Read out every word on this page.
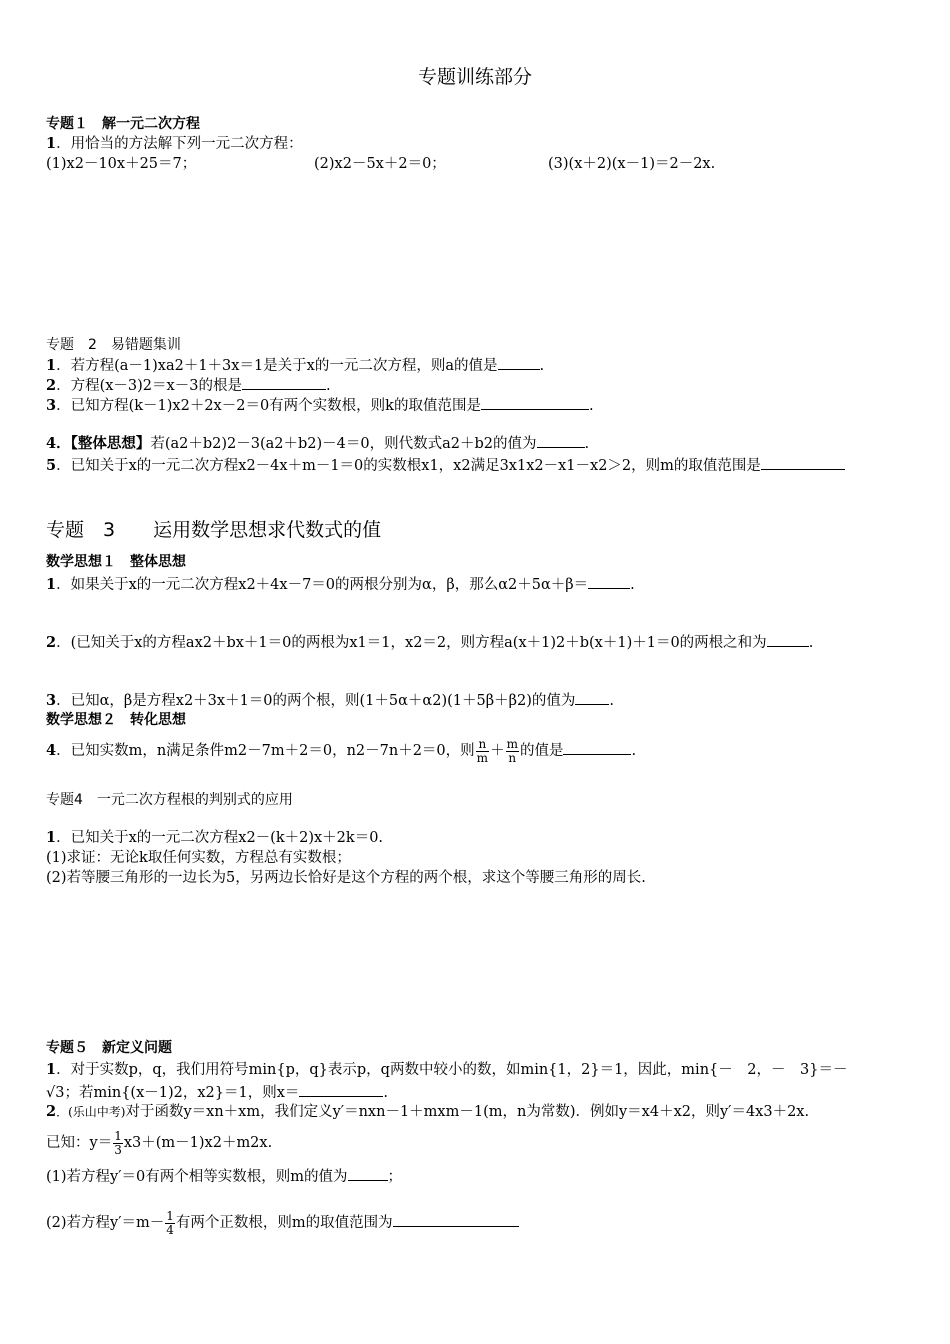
专题训练部分
专题１　解一元二次方程
1．用恰当的方法解下列一元二次方程：
(1)x2－10x＋25＝7；	(2)x2－5x＋2＝0；	(3)(x＋2)(x－1)＝2－2x.
专题　2　易错题集训
1．若方程(a－1)xa2＋1＋3x＝1是关于x的一元二次方程，则a的值是	.
2．方程(x－3)2＝x－3的根是	.
3．已知方程(k－1)x2＋2x－2＝0有两个实数根，则k的取值范围是	.
4．【整体思想】若(a2＋b2)2－3(a2＋b2)－4＝0，则代数式a2＋b2的值为	.
5．已知关于x的一元二次方程x2－4x＋m－1＝0的实数根x1，x2满足3x1x2－x1－x2＞2，则m的取值范围是
专题　3　　运用数学思想求代数式的值
数学思想１　整体思想
1．如果关于x的一元二次方程x2＋4x－7＝0的两根分别为α，β，那么α2＋5α＋β＝	.
2．(已知关于x的方程ax2＋bx＋1＝0的两根为x1＝1，x2＝2，则方程a(x＋1)2＋b(x＋1)＋1＝0的两根之和为	.
3．已知α，β是方程x2＋3x＋1＝0的两个根，则(1＋5α＋α2)(1＋5β＋β2)的值为 .
数学思想２　转化思想
4．已知实数m，n满足条件m2－7m＋2＝0，n2－7n＋2＝0，则 $\frac{n}{m} + \frac{m}{n}$ 的值是	.
专题4　一元二次方程根的判别式的应用
1．已知关于x的一元二次方程x2－(k＋2)x＋2k＝0.
(1)求证：无论k取任何实数，方程总有实数根；
(2)若等腰三角形的一边长为5，另两边长恰好是这个方程的两个根，求这个等腰三角形的周长.
专题５　新定义问题
1．对于实数p，q，我们用符号min{p，q}表示p，q两数中较小的数，如min{1，2}＝1，因此，min{－　2，－　3}＝－
√3；若min{(x－1)2，x2}＝1，则x＝	.
2．(乐山中考)对于函数y＝xn＋xm，我们定义y′＝nxn－1＋mxm－1(m，n为常数)．例如y＝x4＋x2，则y′＝4x3＋2x.
已知：$y= \frac{1}{3} x3+(m-1)x2+m2x$.
(1)若方程y′＝0有两个相等实数根，则m的值为	；
(2)若方程$y'=m- \frac{1}{4}$ 有两个正数根，则m的取值范围为
